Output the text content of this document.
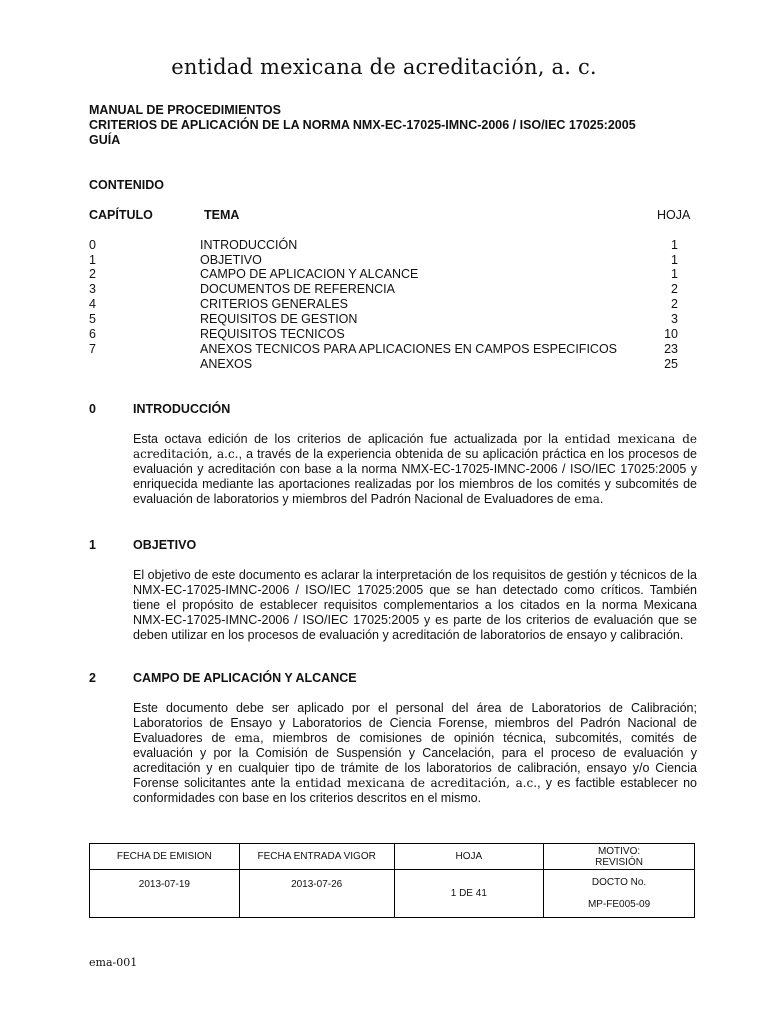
entidad mexicana de acreditación, a. c.
MANUAL DE PROCEDIMIENTOS
CRITERIOS DE APLICACIÓN DE LA NORMA NMX-EC-17025-IMNC-2006 / ISO/IEC 17025:2005
GUÍA
CONTENIDO
CAPÍTULO	TEMA	HOJA
0	INTRODUCCIÓN	1
1	OBJETIVO	1
2	CAMPO DE APLICACION Y ALCANCE	1
3	DOCUMENTOS DE REFERENCIA	2
4	CRITERIOS GENERALES	2
5	REQUISITOS DE GESTION	3
6	REQUISITOS TECNICOS	10
7	ANEXOS TECNICOS PARA APLICACIONES EN CAMPOS ESPECIFICOS	23
ANEXOS	25
0	INTRODUCCIÓN

Esta octava edición de los criterios de aplicación fue actualizada por la entidad mexicana de acreditación, a.c., a través de la experiencia obtenida de su aplicación práctica en los procesos de evaluación y acreditación con base a la norma NMX-EC-17025-IMNC-2006 / ISO/IEC 17025:2005 y enriquecida mediante las aportaciones realizadas por los miembros de los comités y subcomités de evaluación de laboratorios y miembros del Padrón Nacional de Evaluadores de ema.

1	OBJETIVO

El objetivo de este documento es aclarar la interpretación de los requisitos de gestión y técnicos de la NMX-EC-17025-IMNC-2006 / ISO/IEC 17025:2005 que se han detectado como críticos. También tiene el propósito de establecer requisitos complementarios a los citados en la norma Mexicana NMX-EC-17025-IMNC-2006 / ISO/IEC 17025:2005 y es parte de los criterios de evaluación que se deben utilizar en los procesos de evaluación y acreditación de laboratorios de ensayo y calibración.

2	CAMPO DE APLICACIÓN Y ALCANCE

Este documento debe ser aplicado por el personal del área de Laboratorios de Calibración; Laboratorios de Ensayo y Laboratorios de Ciencia Forense, miembros del Padrón Nacional de Evaluadores de ema, miembros de comisiones de opinión técnica, subcomités, comités de evaluación y por la Comisión de Suspensión y Cancelación, para el proceso de evaluación y acreditación y en cualquier tipo de trámite de los laboratorios de calibración, ensayo y/o Ciencia Forense solicitantes ante la entidad mexicana de acreditación, a.c., y es factible establecer no conformidades con base en los criterios descritos en el mismo.

FECHA DE EMISION	FECHA ENTRADA VIGOR	HOJA	MOTIVO:
REVISIÓN

2013-07-19	2013-07-26	1 DE 41	DOCTO No.
MP-FE005-09
ema-001
